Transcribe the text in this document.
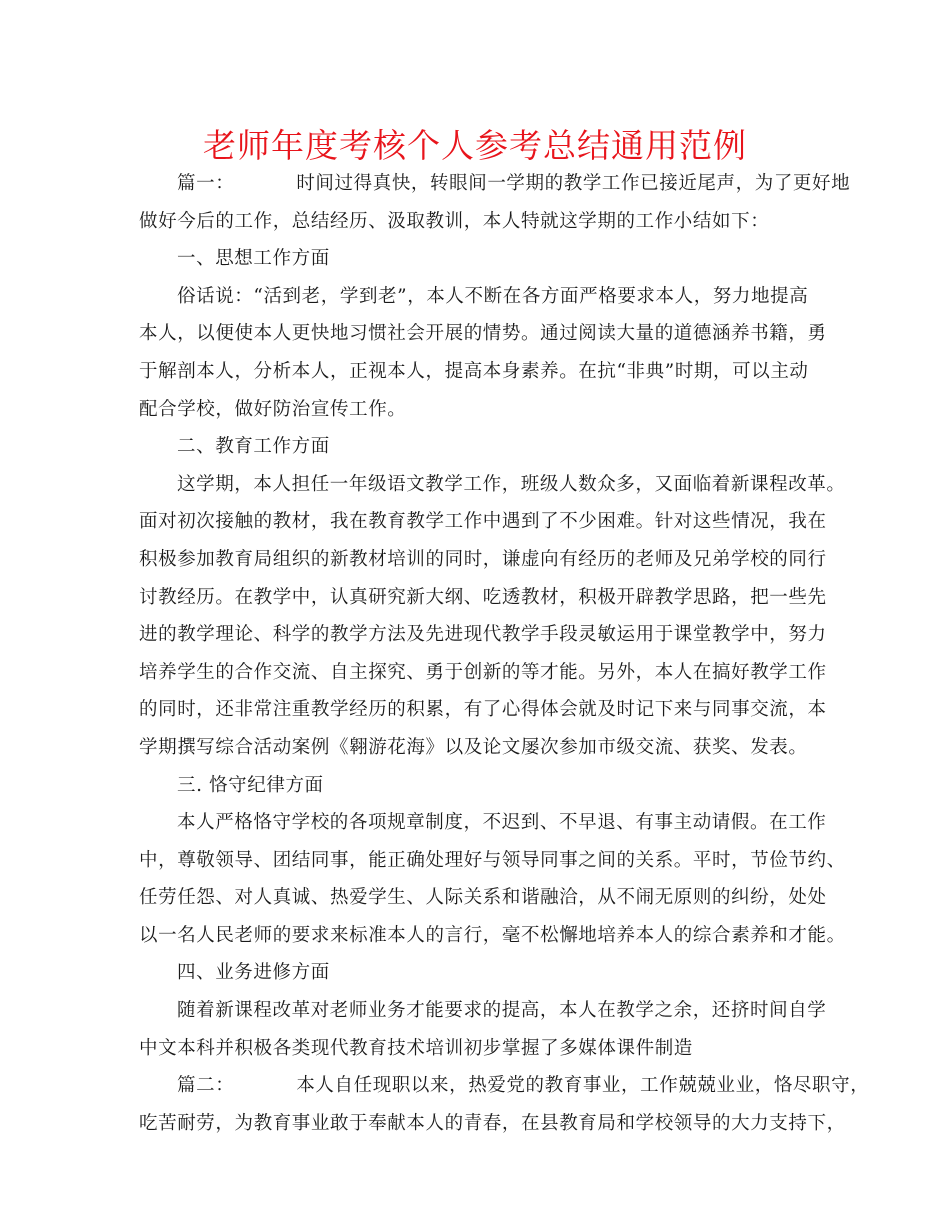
老师年度考核个人参考总结通用范例
篇一：	时间过得真快，转眼间一学期的教学工作已接近尾声，为了更好地
做好今后的工作，总结经历、汲取教训，本人特就这学期的工作小结如下：
一、思想工作方面
俗话说：“活到老，学到老”，本人不断在各方面严格要求本人，努力地提高
本人，以便使本人更快地习惯社会开展的情势。通过阅读大量的道德涵养书籍，勇
于解剖本人，分析本人，正视本人，提高本身素养。在抗“非典”时期，可以主动
配合学校，做好防治宣传工作。
二、教育工作方面
这学期，本人担任一年级语文教学工作，班级人数众多，又面临着新课程改革。
面对初次接触的教材，我在教育教学工作中遇到了不少困难。针对这些情况，我在
积极参加教育局组织的新教材培训的同时，谦虚向有经历的老师及兄弟学校的同行
讨教经历。在教学中，认真研究新大纲、吃透教材，积极开辟教学思路，把一些先
进的教学理论、科学的教学方法及先进现代教学手段灵敏运用于课堂教学中，努力
培养学生的合作交流、自主探究、勇于创新的等才能。另外，本人在搞好教学工作
的同时，还非常注重教学经历的积累，有了心得体会就及时记下来与同事交流，本
学期撰写综合活动案例《翱游花海》以及论文屡次参加市级交流、获奖、发表。
三. 恪守纪律方面
本人严格恪守学校的各项规章制度，不迟到、不早退、有事主动请假。在工作
中，尊敬领导、团结同事，能正确处理好与领导同事之间的关系。平时，节俭节约、
任劳任怨、对人真诚、热爱学生、人际关系和谐融洽，从不闹无原则的纠纷，处处
以一名人民老师的要求来标准本人的言行，毫不松懈地培养本人的综合素养和才能。
四、业务进修方面
随着新课程改革对老师业务才能要求的提高，本人在教学之余，还挤时间自学
中文本科并积极各类现代教育技术培训初步掌握了多媒体课件制造
篇二：	本人自任现职以来，热爱党的教育事业，工作兢兢业业，恪尽职守，
吃苦耐劳，为教育事业敢于奉献本人的青春，在县教育局和学校领导的大力支持下，
